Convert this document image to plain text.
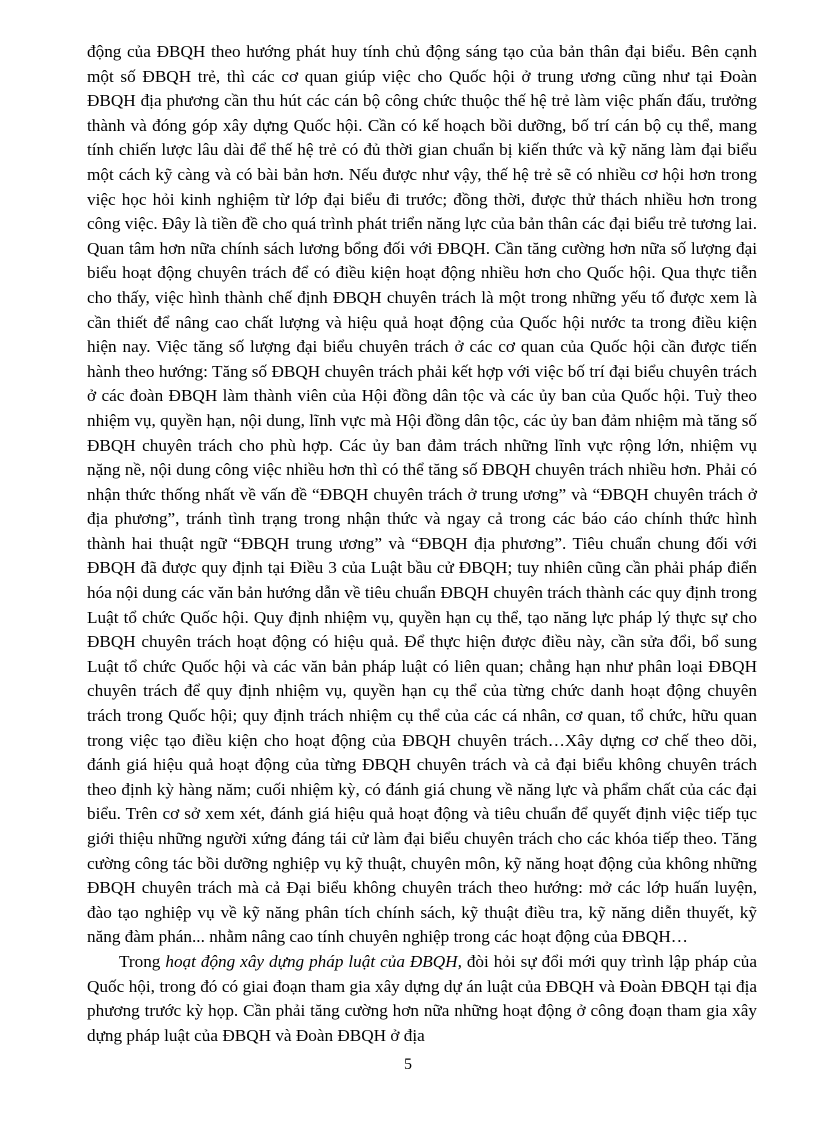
động của ĐBQH theo hướng phát huy tính chủ động sáng tạo của bản thân đại biểu. Bên cạnh một số ĐBQH trẻ, thì các cơ quan giúp việc cho Quốc hội ở trung ương cũng như tại Đoàn ĐBQH địa phương cần thu hút các cán bộ công chức thuộc thế hệ trẻ làm việc phấn đấu, trưởng thành và đóng góp xây dựng Quốc hội. Cần có kế hoạch bồi dưỡng, bố trí cán bộ cụ thể, mang tính chiến lược lâu dài để thế hệ trẻ có đủ thời gian chuẩn bị kiến thức và kỹ năng làm đại biểu một cách kỹ càng và có bài bản hơn. Nếu được như vậy, thế hệ trẻ sẽ có nhiều cơ hội hơn trong việc học hỏi kinh nghiệm từ lớp đại biểu đi trước; đồng thời, được thử thách nhiều hơn trong công việc. Đây là tiền đề cho quá trình phát triển năng lực của bản thân các đại biểu trẻ tương lai. Quan tâm hơn nữa chính sách lương bổng đối với ĐBQH. Cần tăng cường hơn nữa số lượng đại biểu hoạt động chuyên trách để có điều kiện hoạt động nhiều hơn cho Quốc hội. Qua thực tiễn cho thấy, việc hình thành chế định ĐBQH chuyên trách là một trong những yếu tố được xem là cần thiết để nâng cao chất lượng và hiệu quả hoạt động của Quốc hội nước ta trong điều kiện hiện nay. Việc tăng số lượng đại biểu chuyên trách ở các cơ quan của Quốc hội cần được tiến hành theo hướng: Tăng số ĐBQH chuyên trách phải kết hợp với việc bố trí đại biểu chuyên trách ở các đoàn ĐBQH làm thành viên của Hội đồng dân tộc và các ủy ban của Quốc hội. Tuỳ theo nhiệm vụ, quyền hạn, nội dung, lĩnh vực mà Hội đồng dân tộc, các ủy ban đảm nhiệm mà tăng số ĐBQH chuyên trách cho phù hợp. Các ủy ban đảm trách những lĩnh vực rộng lớn, nhiệm vụ nặng nề, nội dung công việc nhiều hơn thì có thể tăng số ĐBQH chuyên trách nhiều hơn. Phải có nhận thức thống nhất về vấn đề “ĐBQH chuyên trách ở trung ương” và “ĐBQH chuyên trách ở địa phương”, tránh tình trạng trong nhận thức và ngay cả trong các báo cáo chính thức hình thành hai thuật ngữ “ĐBQH trung ương” và “ĐBQH địa phương”. Tiêu chuẩn chung đối với ĐBQH đã được quy định tại Điều 3 của Luật bầu cử ĐBQH; tuy nhiên cũng cần phải pháp điển hóa nội dung các văn bản hướng dẫn về tiêu chuẩn ĐBQH chuyên trách thành các quy định trong Luật tổ chức Quốc hội. Quy định nhiệm vụ, quyền hạn cụ thể, tạo năng lực pháp lý thực sự cho ĐBQH chuyên trách hoạt động có hiệu quả. Để thực hiện được điều này, cần sửa đổi, bổ sung Luật tổ chức Quốc hội và các văn bản pháp luật có liên quan; chẳng hạn như phân loại ĐBQH chuyên trách để quy định nhiệm vụ, quyền hạn cụ thể của từng chức danh hoạt động chuyên trách trong Quốc hội; quy định trách nhiệm cụ thể của các cá nhân, cơ quan, tổ chức, hữu quan trong việc tạo điều kiện cho hoạt động của ĐBQH chuyên trách…Xây dựng cơ chế theo dõi, đánh giá hiệu quả hoạt động của từng ĐBQH chuyên trách và cả đại biểu không chuyên trách theo định kỳ hàng năm; cuối nhiệm kỳ, có đánh giá chung về năng lực và phẩm chất của các đại biểu. Trên cơ sở xem xét, đánh giá hiệu quả hoạt động và tiêu chuẩn để quyết định việc tiếp tục giới thiệu những người xứng đáng tái cử làm đại biểu chuyên trách cho các khóa tiếp theo. Tăng cường công tác bồi dưỡng nghiệp vụ kỹ thuật, chuyên môn, kỹ năng hoạt động của không những ĐBQH chuyên trách mà cả Đại biểu không chuyên trách theo hướng: mở các lớp huấn luyện, đào tạo nghiệp vụ về kỹ năng phân tích chính sách, kỹ thuật điều tra, kỹ năng diễn thuyết, kỹ năng đàm phán... nhằm nâng cao tính chuyên nghiệp trong các hoạt động của ĐBQH…

Trong hoạt động xây dựng pháp luật của ĐBQH, đòi hỏi sự đổi mới quy trình lập pháp của Quốc hội, trong đó có giai đoạn tham gia xây dựng dự án luật của ĐBQH và Đoàn ĐBQH tại địa phương trước kỳ họp. Cần phải tăng cường hơn nữa những hoạt động ở công đoạn tham gia xây dựng pháp luật của ĐBQH và Đoàn ĐBQH ở địa

5
